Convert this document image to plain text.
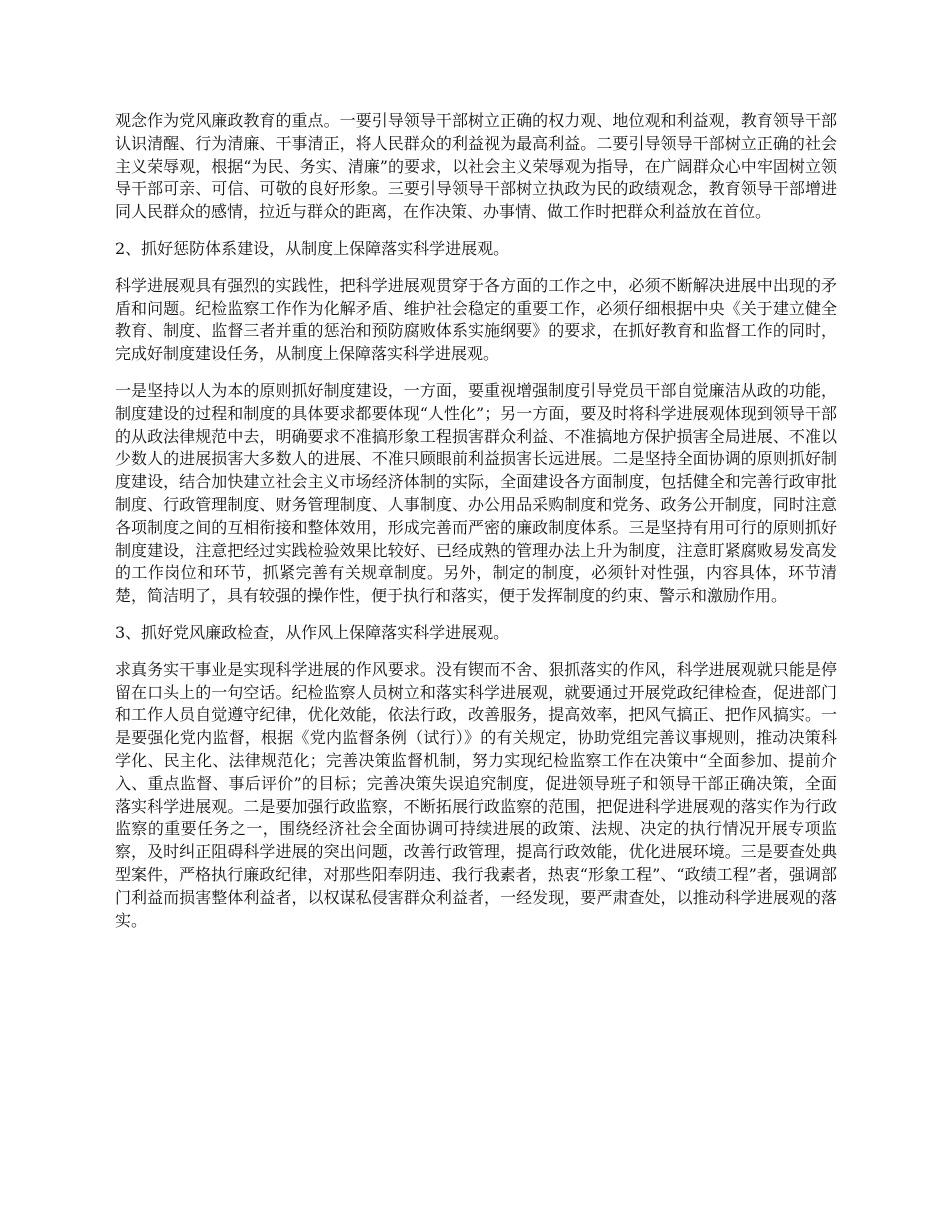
观念作为党风廉政教育的重点。一要引导领导干部树立正确的权力观、地位观和利益观，教育领导干部认识清醒、行为清廉、干事清正，将人民群众的利益视为最高利益。二要引导领导干部树立正确的社会主义荣辱观，根据“为民、务实、清廉”的要求，以社会主义荣辱观为指导，在广阔群众心中牢固树立领导干部可亲、可信、可敬的良好形象。三要引导领导干部树立执政为民的政绩观念，教育领导干部增进同人民群众的感情，拉近与群众的距离，在作决策、办事情、做工作时把群众利益放在首位。

2、抓好惩防体系建设，从制度上保障落实科学进展观。

科学进展观具有强烈的实践性，把科学进展观贯穿于各方面的工作之中，必须不断解决进展中出现的矛盾和问题。纪检监察工作作为化解矛盾、维护社会稳定的重要工作，必须仔细根据中央《关于建立健全教育、制度、监督三者并重的惩治和预防腐败体系实施纲要》的要求，在抓好教育和监督工作的同时，完成好制度建设任务，从制度上保障落实科学进展观。

一是坚持以人为本的原则抓好制度建设，一方面，要重视增强制度引导党员干部自觉廉洁从政的功能，制度建设的过程和制度的具体要求都要体现“人性化”；另一方面，要及时将科学进展观体现到领导干部的从政法律规范中去，明确要求不准搞形象工程损害群众利益、不准搞地方保护损害全局进展、不准以少数人的进展损害大多数人的进展、不准只顾眼前利益损害长远进展。二是坚持全面协调的原则抓好制度建设，结合加快建立社会主义市场经济体制的实际，全面建设各方面制度，包括健全和完善行政审批制度、行政管理制度、财务管理制度、人事制度、办公用品采购制度和党务、政务公开制度，同时注意各项制度之间的互相衔接和整体效用，形成完善而严密的廉政制度体系。三是坚持有用可行的原则抓好制度建设，注意把经过实践检验效果比较好、已经成熟的管理办法上升为制度，注意盯紧腐败易发高发的工作岗位和环节，抓紧完善有关规章制度。另外，制定的制度，必须针对性强，内容具体，环节清楚，简洁明了，具有较强的操作性，便于执行和落实，便于发挥制度的约束、警示和激励作用。

3、抓好党风廉政检查，从作风上保障落实科学进展观。

求真务实干事业是实现科学进展的作风要求。没有锲而不舍、狠抓落实的作风，科学进展观就只能是停留在口头上的一句空话。纪检监察人员树立和落实科学进展观，就要通过开展党政纪律检查，促进部门和工作人员自觉遵守纪律，优化效能，依法行政，改善服务，提高效率，把风气搞正、把作风搞实。一是要强化党内监督，根据《党内监督条例（试行）》的有关规定，协助党组完善议事规则，推动决策科学化、民主化、法律规范化；完善决策监督机制，努力实现纪检监察工作在决策中“全面参加、提前介入、重点监督、事后评价”的目标；完善决策失误追究制度，促进领导班子和领导干部正确决策，全面落实科学进展观。二是要加强行政监察，不断拓展行政监察的范围，把促进科学进展观的落实作为行政监察的重要任务之一，围绕经济社会全面协调可持续进展的政策、法规、决定的执行情况开展专项监察，及时纠正阻碍科学进展的突出问题，改善行政管理，提高行政效能，优化进展环境。三是要查处典型案件，严格执行廉政纪律，对那些阳奉阴违、我行我素者，热衷“形象工程”、“政绩工程”者，强调部门利益而损害整体利益者，以权谋私侵害群众利益者，一经发现，要严肃查处，以推动科学进展观的落实。
